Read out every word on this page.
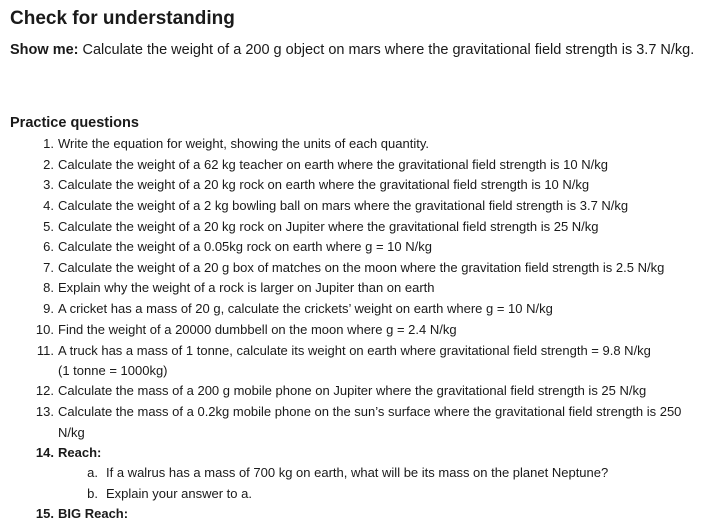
Check for understanding
Show me: Calculate the weight of a 200 g object on mars where the gravitational field strength is 3.7 N/kg.
Practice questions
1. Write the equation for weight, showing the units of each quantity.
2. Calculate the weight of a 62 kg teacher on earth where the gravitational field strength is 10 N/kg
3. Calculate the weight of a 20 kg rock on earth where the gravitational field strength is 10 N/kg
4. Calculate the weight of a 2 kg bowling ball on mars where the gravitational field strength is 3.7 N/kg
5. Calculate the weight of a 20 kg rock on Jupiter where the gravitational field strength is 25 N/kg
6. Calculate the weight of a 0.05kg rock on earth where g = 10 N/kg
7. Calculate the weight of a 20 g box of matches on the moon where the gravitation field strength is 2.5 N/kg
8. Explain why the weight of a rock is larger on Jupiter than on earth
9. A cricket has a mass of 20 g, calculate the crickets’ weight on earth where g = 10 N/kg
10. Find the weight of a 20000 dumbbell on the moon where g = 2.4 N/kg
11. A truck has a mass of 1 tonne, calculate its weight on earth where gravitational field strength = 9.8 N/kg
(1 tonne = 1000kg)
12. Calculate the mass of a 200 g mobile phone on Jupiter where the gravitational field strength is 25 N/kg
13. Calculate the mass of a 0.2kg mobile phone on the sun’s surface where the gravitational field strength is 250
N/kg
14. Reach:
a. If a walrus has a mass of 700 kg on earth, what will be its mass on the planet Neptune?
b. Explain your answer to a.
15. BIG Reach:
